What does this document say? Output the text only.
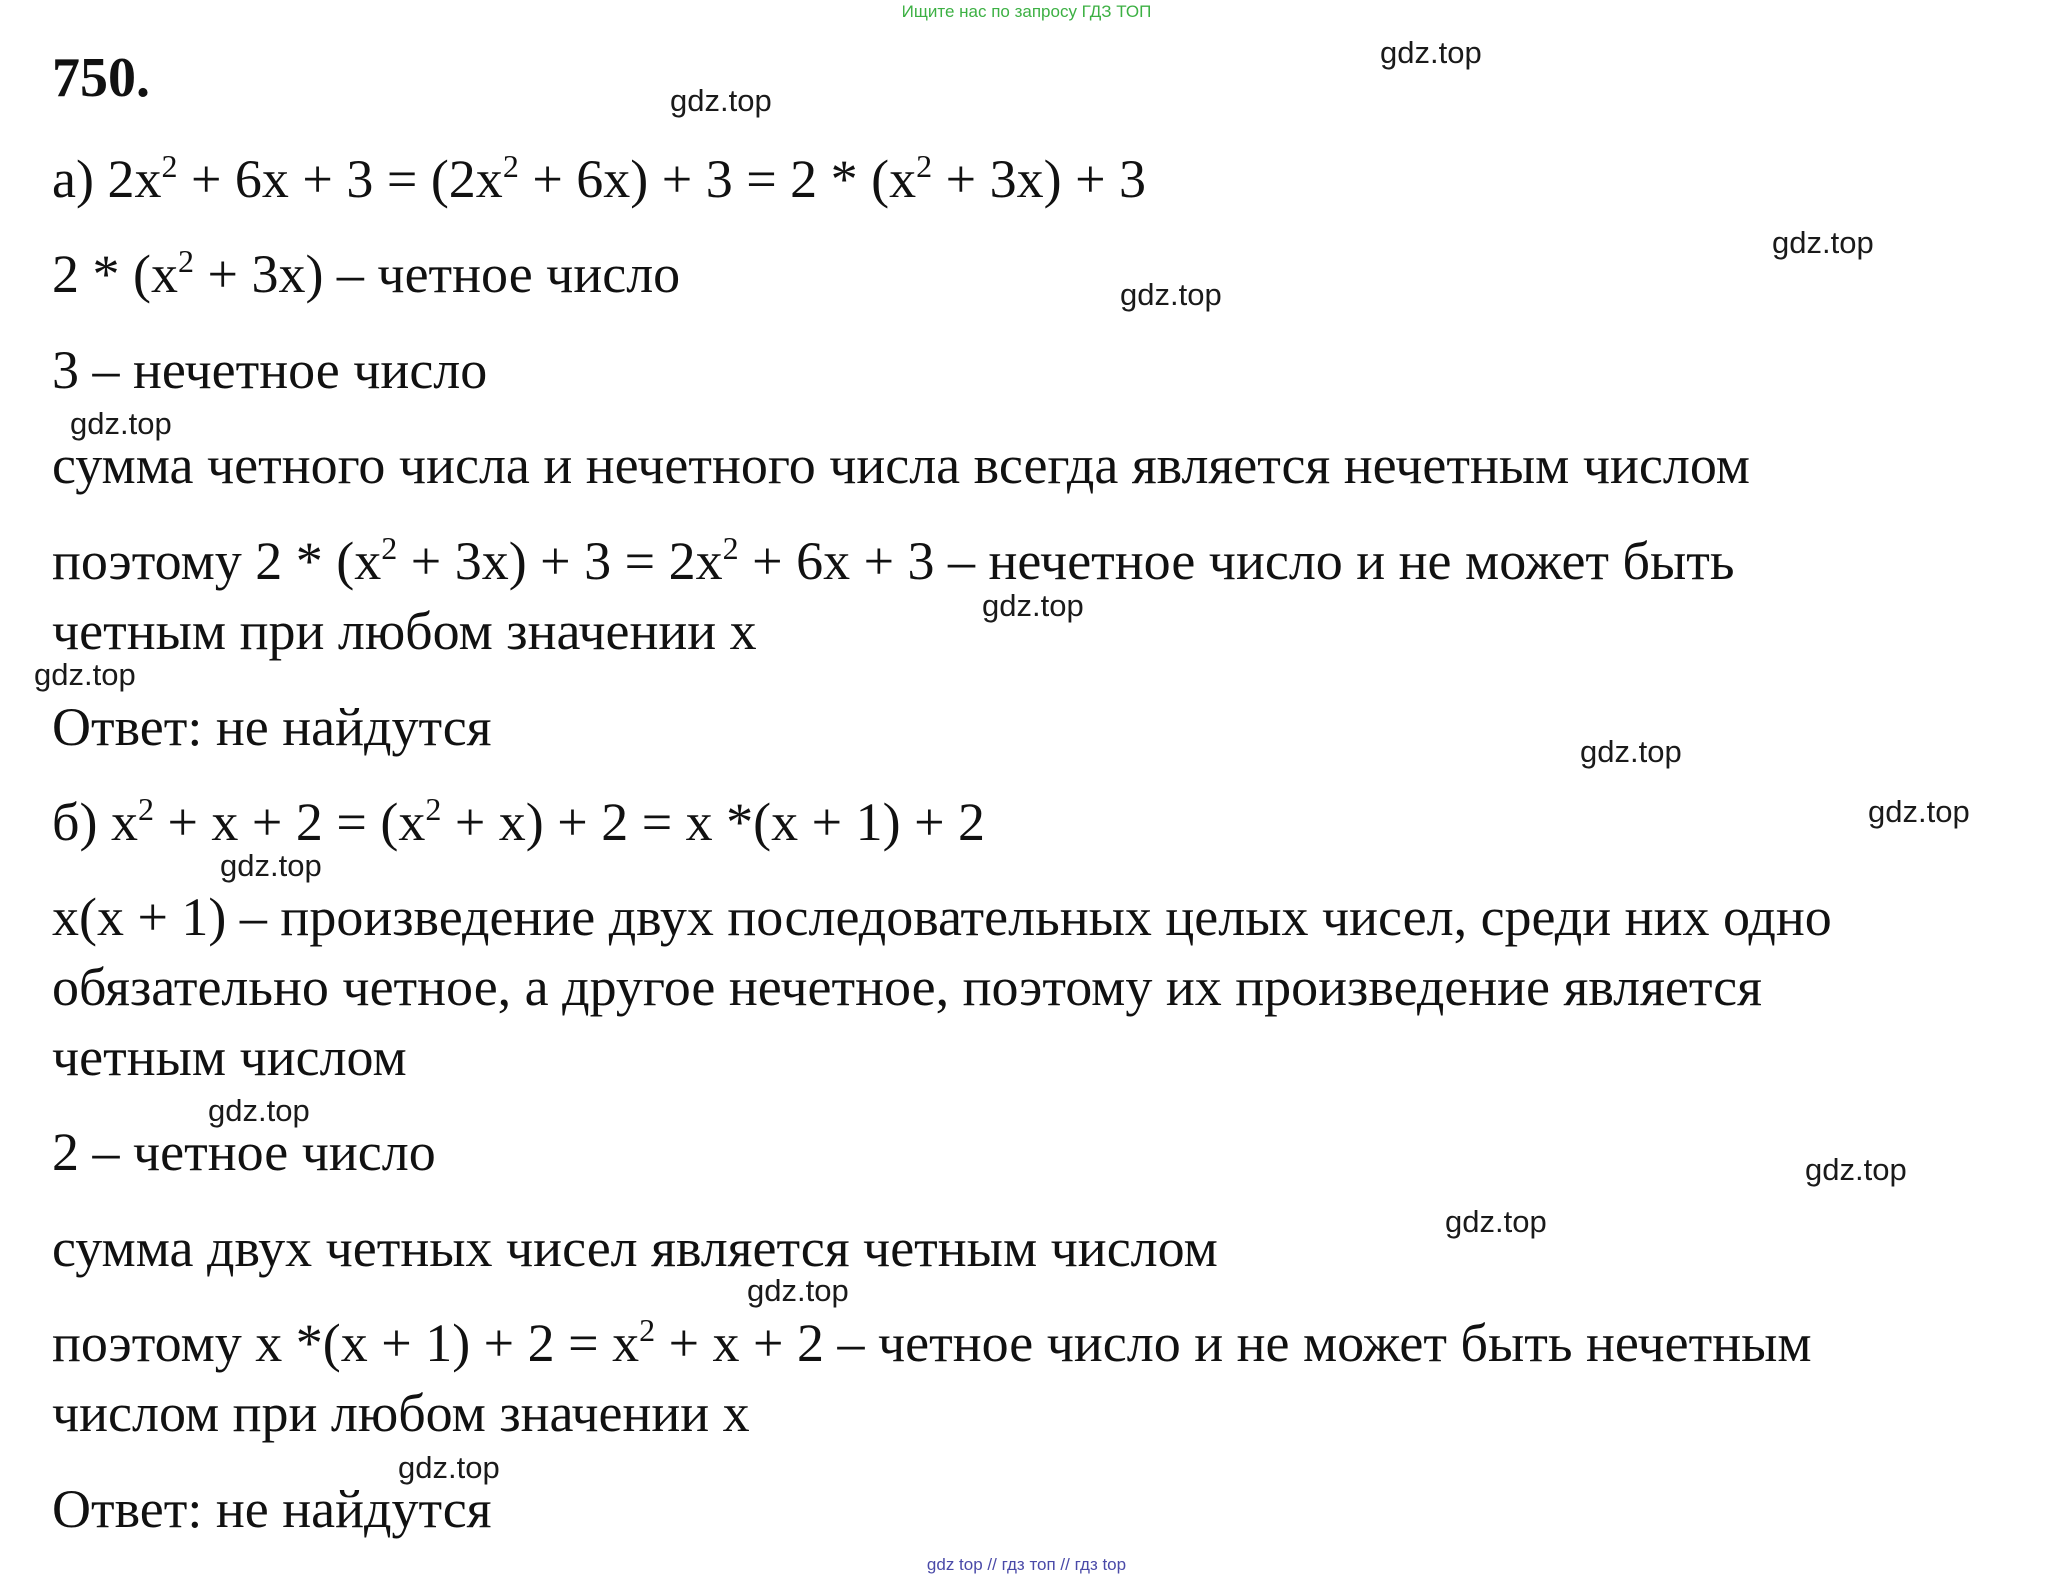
Ищите нас по запросу ГДЗ ТОП
750.
а) $2x^2 + 6x + 3 = (2x^2 + 6x) + 3 = 2 * (x^2 + 3x) + 3$
$2 * (x^2 + 3x)$ – четное число
3 – нечетное число
сумма четного числа и нечетного числа всегда является нечетным числом
поэтому $2 * (x^2 + 3x) + 3 = 2x^2 + 6x + 3$ – нечетное число и не может быть
четным при любом значении x
Ответ: не найдутся
б) $x^2 + x + 2 = (x^2 + x) + 2 = x$ *(x + 1) + 2
x(x + 1) – произведение двух последовательных целых чисел, среди них одно
обязательно четное, а другое нечетное, поэтому их произведение является
четным числом
2 – четное число
сумма двух четных чисел является четным числом
поэтому x $*(x + 1) + 2 = x^2 + x + 2$ – четное число и не может быть нечетным
числом при любом значении x
Ответ: не найдутся
gdz.top
gdz.top
gdz.top
gdz.top
gdz.top
gdz.top
gdz.top
gdz.top
gdz.top
gdz.top
gdz.top
gdz.top
gdz.top
gdz.top
gdz.top
gdz top // гдз топ // гдз top
